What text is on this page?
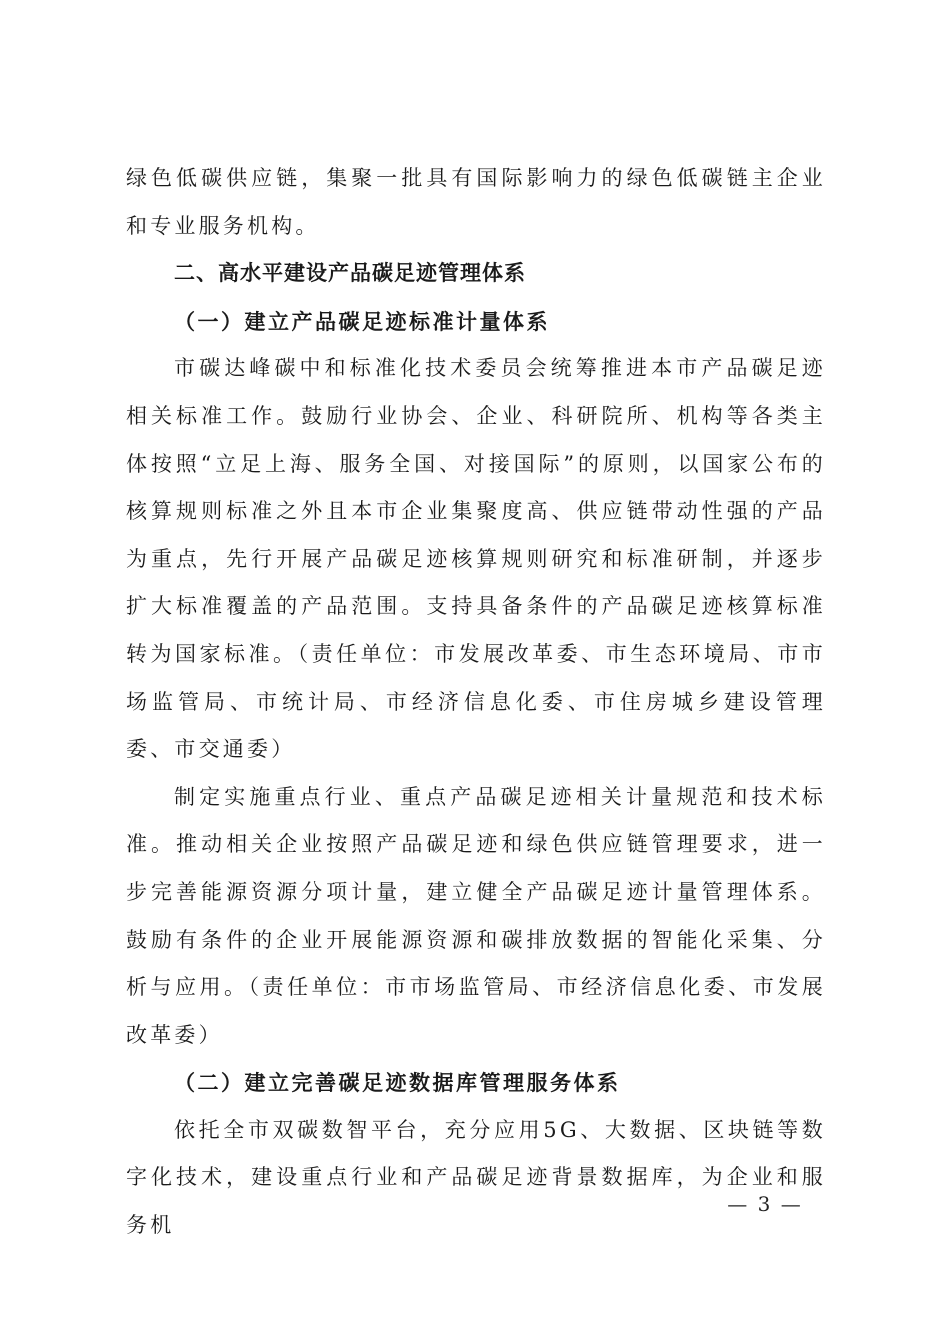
绿色低碳供应链，集聚一批具有国际影响力的绿色低碳链主企业和专业服务机构。

二、高水平建设产品碳足迹管理体系

（一）建立产品碳足迹标准计量体系

市碳达峰碳中和标准化技术委员会统筹推进本市产品碳足迹相关标准工作。鼓励行业协会、企业、科研院所、机构等各类主体按照“立足上海、服务全国、对接国际”的原则，以国家公布的核算规则标准之外且本市企业集聚度高、供应链带动性强的产品为重点，先行开展产品碳足迹核算规则研究和标准研制，并逐步扩大标准覆盖的产品范围。支持具备条件的产品碳足迹核算标准转为国家标准。（责任单位：市发展改革委、市生态环境局、市市场监管局、市统计局、市经济信息化委、市住房城乡建设管理委、市交通委）

制定实施重点行业、重点产品碳足迹相关计量规范和技术标准。推动相关企业按照产品碳足迹和绿色供应链管理要求，进一步完善能源资源分项计量，建立健全产品碳足迹计量管理体系。鼓励有条件的企业开展能源资源和碳排放数据的智能化采集、分析与应用。（责任单位：市市场监管局、市经济信息化委、市发展改革委）

（二）建立完善碳足迹数据库管理服务体系

依托全市双碳数智平台，充分应用5G、大数据、区块链等数字化技术，建设重点行业和产品碳足迹背景数据库，为企业和服务机

— 3 —
